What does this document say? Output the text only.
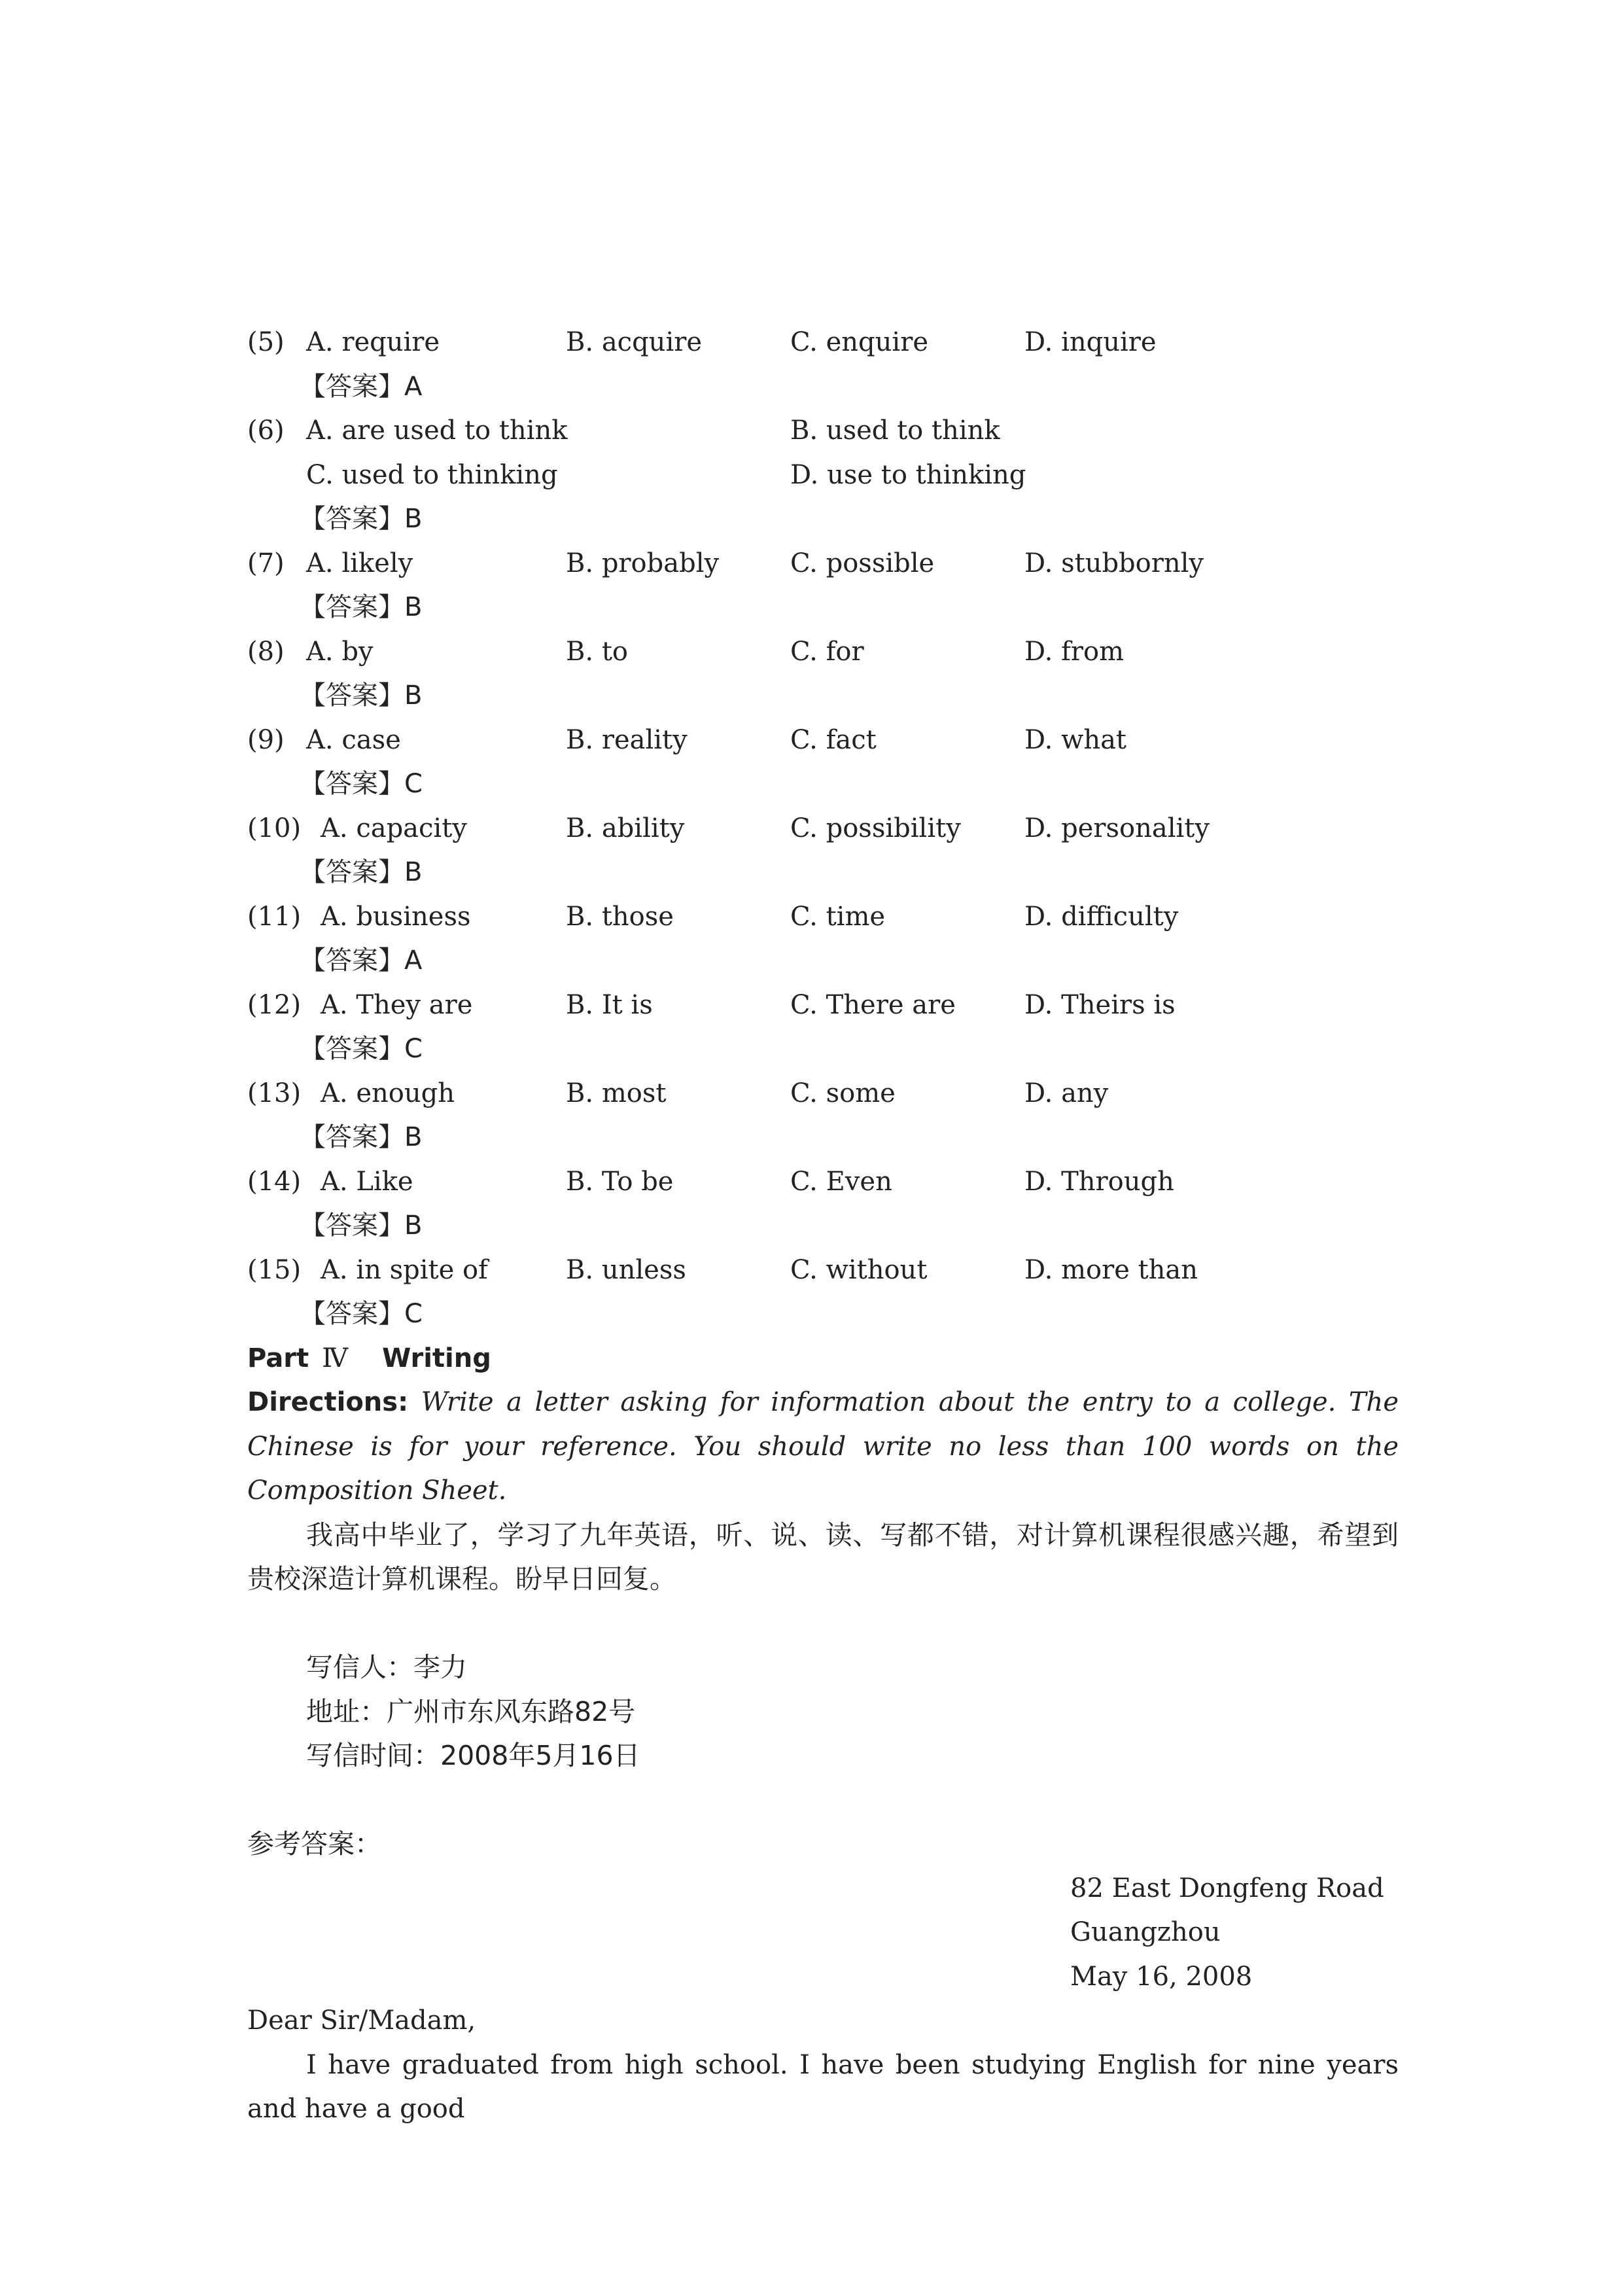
(5) A. require	B. acquire	C. enquire	D. inquire
【答案】A
(6) A. are used to think	B. used to think
C. used to thinking	D. use to thinking
【答案】B
(7) A. likely	B. probably	C. possible	D. stubbornly
【答案】B
(8) A. by	B. to	C. for	D. from
【答案】B
(9) A. case	B. reality	C. fact	D. what
【答案】C
(10) A. capacity	B. ability	C. possibility D. personality
【答案】B
(11) A. business	B. those	C. time	D. difficulty
【答案】A
(12) A. They are	B. It is	C. There are	D. Theirs is
【答案】C
(13) A. enough	B. most	C. some	D. any
【答案】B
(14) A. Like	B. To be	C. Even	D. Through
【答案】B
(15) A. in spite of	B. unless	C. without	D. more than
【答案】C
Part Ⅳ Writing
Directions: Write a letter asking for information about the entry to a college. The Chinese is for your reference. You should write no less than 100 words on the Composition Sheet.

我高中毕业了，学习了九年英语，听、说、读、写都不错，对计算机课程很感兴趣，希望到贵校深造计算机课程。盼早日回复。

写信人：李力
地址：广州市东风东路82号
写信时间：2008年5月16日
参考答案：
82 East Dongfeng Road
Guangzhou
May 16, 2008

Dear Sir/Madam,

I have graduated from high school. I have been studying English for nine years and have a good
